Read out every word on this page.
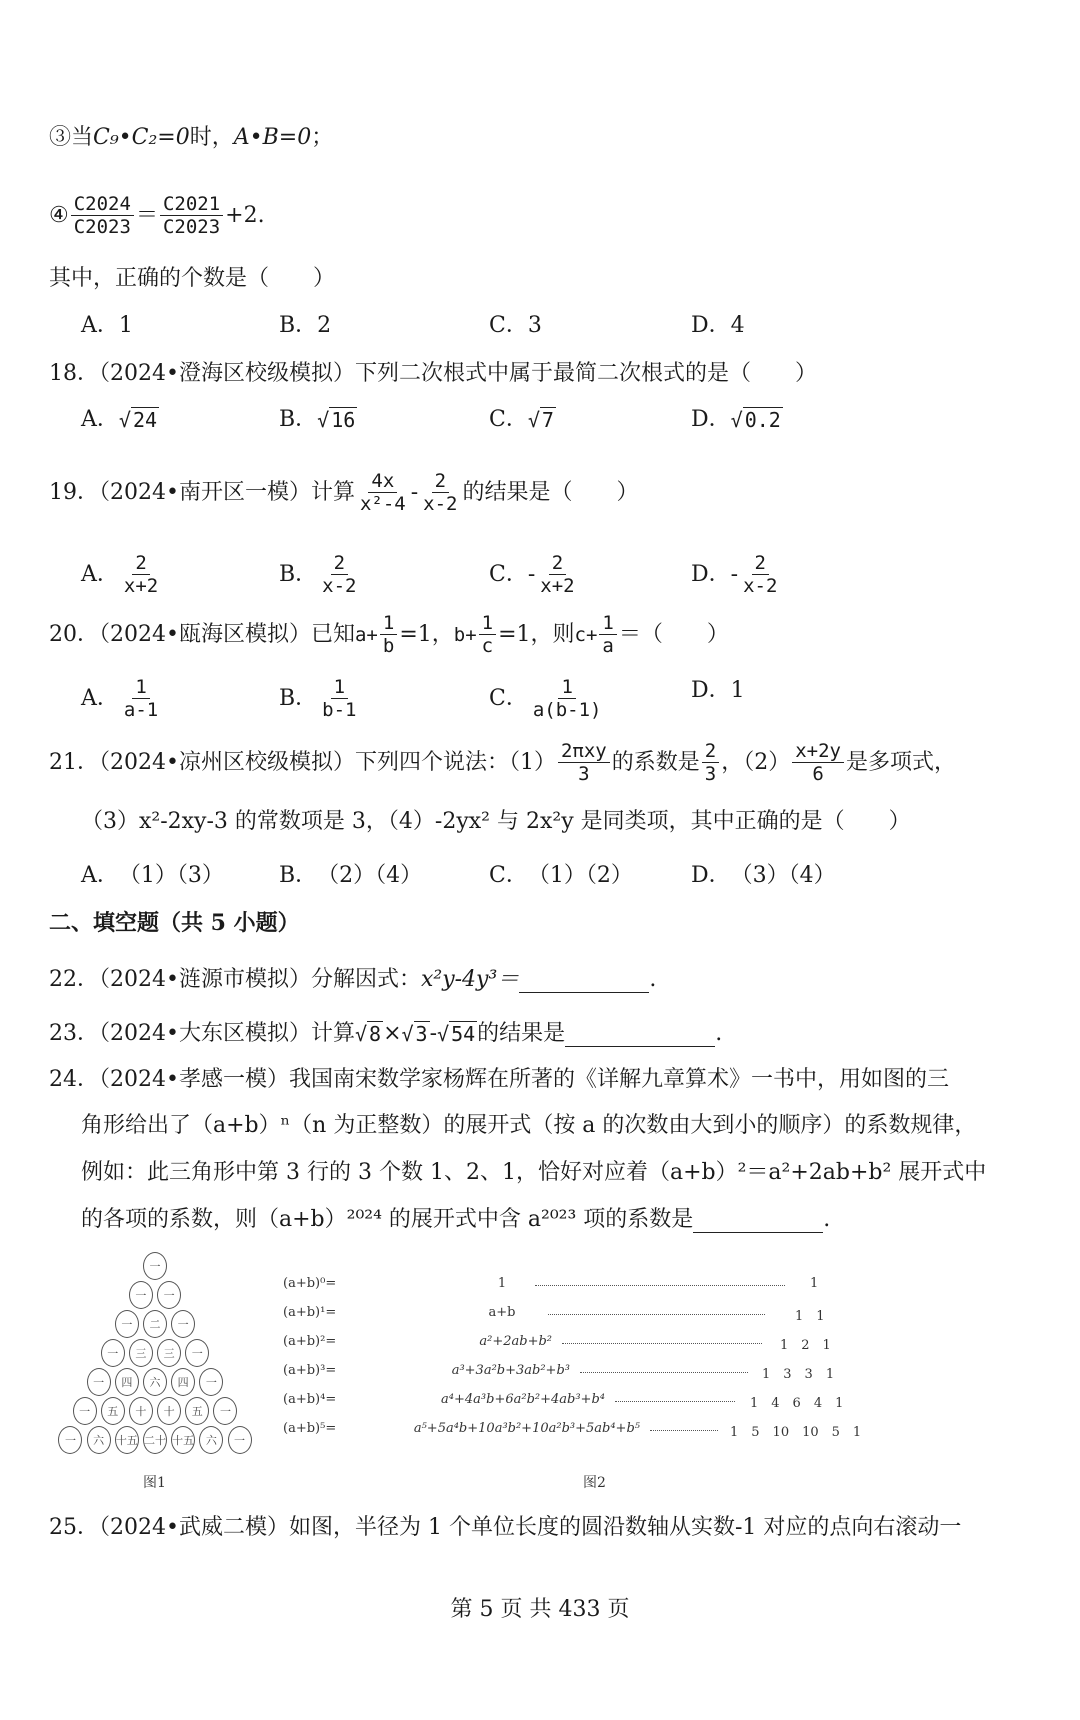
③当 C₉•C₂=0 时， A•B=0 ；
④ $\frac{C2024}{C2023} = \frac{C2021}{C2023} +2$.
其中，正确的个数是（　　）
A． 1	B． 2	C． 3	D． 4
18．（2024•澄海区校级模拟）下列二次根式中属于最简二次根式的是（　　）
A． √ 24	B． √ 16	C． √ 7	D． √ 0.2
19．（2024•南开区一模）计算 $\frac{4x}{\text{x²-4}} - \frac{2}{x-2}$ 的结果是（　　）
A． $\frac{2}{x+2}$	B． $\frac{2}{x-2}$	C． - $\frac{2}{x+2}$	D． - $\frac{2}{x-2}$
20．（2024•瓯海区模拟）已知 $a+ \frac{1}{b} =1$， $b+ \frac{1}{c} =1$，则 $c+ \frac{1}{a}$ ＝（　　）
A． $\frac{1}{a-1}$	B． $\frac{1}{b-1}$	C． $\frac{1}{a(b-1)}$	D． 1
21．（2024•凉州区校级模拟）下列四个说法：$(1) \frac{\text{2πxy}}{3}$ 的系数是 $\frac{2}{3}$ ，$(2) \frac{x+2y}{6}$ 是多项式，
（3）x²-2xy-3 的常数项是 3，（4）-2yx² 与 2x²y 是同类项，其中正确的是（　　）
A． （1）（3）	B． （2）（4）	C． （1）（2）	D． （3）（4）
二、填空题（共 5 小题）
22．（2024•涟源市模拟）分解因式： x²y-4y³＝	.
23．（2024•大东区模拟）计算 √ 8 × √ 3 - √ 54 的结果是	.
24．（2024•孝感一模）我国南宋数学家杨辉在所著的《详解九章算术》一书中，用如图的三
角形给出了（a+b）ⁿ（n 为正整数）的展开式（按 a 的次数由大到小的顺序）的系数规律，
例如：此三角形中第 3 行的 3 个数 1、2、1，恰好对应着（a+b）²＝a²+2ab+b² 展开式中
的各项的系数，则（a+b）²⁰²⁴ 的展开式中含 a²⁰²³ 项的系数是	.
一
一	一
一	二	一
一	三	三	一
一	四	六	四	一
一	五	十	十	五	一
一	六	十五 二十 十五	六	一
图1
(a+b)⁰=	1	1
(a+b)¹=	a+b	1　1
(a+b)²=	a²+2ab+b²	1　2　1
(a+b)³=	a³+3a²b+3ab²+b³	1　3　3　1
(a+b)⁴=	a⁴+4a³b+6a²b²+4ab³+b⁴	1　4　6　4　1
(a+b)⁵=	a⁵+5a⁴b+10a³b²+10a²b³+5ab⁴+b⁵	1　5　10　10　5　1
图2
25．（2024•武威二模）如图，半径为 1 个单位长度的圆沿数轴从实数-1 对应的点向右滚动一
第 5 页 共 433 页
